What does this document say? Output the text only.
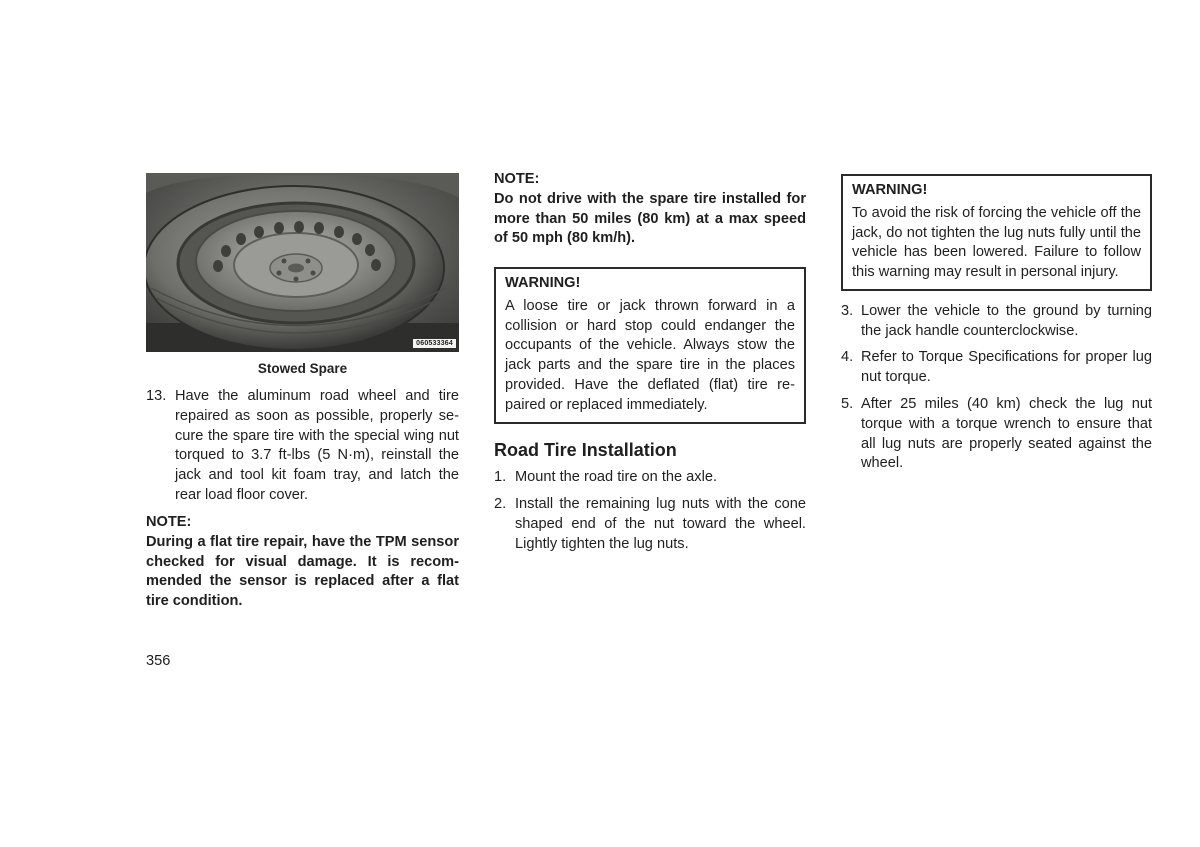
060533364
Stowed Spare
13. Have the aluminum road wheel and tire repaired as soon as possible, properly se- cure the spare tire with the special wing nut torqued to 3.7 ft-lbs (5 N·m), reinstall the jack and tool kit foam tray, and latch the rear load floor cover.
NOTE:
During a flat tire repair, have the TPM sensor checked for visual damage. It is recom- mended the sensor is replaced after a flat tire condition.
356
NOTE:
Do not drive with the spare tire installed for more than 50 miles (80 km) at a max speed of 50 mph (80 km/h).
WARNING!
A loose tire or jack thrown forward in a collision or hard stop could endanger the occupants of the vehicle. Always stow the jack parts and the spare tire in the places provided. Have the deflated (flat) tire re- paired or replaced immediately.
Road Tire Installation
1. Mount the road tire on the axle.
2. Install the remaining lug nuts with the cone shaped end of the nut toward the wheel. Lightly tighten the lug nuts.
WARNING!
To avoid the risk of forcing the vehicle off the jack, do not tighten the lug nuts fully until the vehicle has been lowered. Failure to follow this warning may result in personal injury.
3. Lower the vehicle to the ground by turning the jack handle counterclockwise.
4. Refer to Torque Specifications for proper lug nut torque.
5. After 25 miles (40 km) check the lug nut torque with a torque wrench to ensure that all lug nuts are properly seated against the wheel.
